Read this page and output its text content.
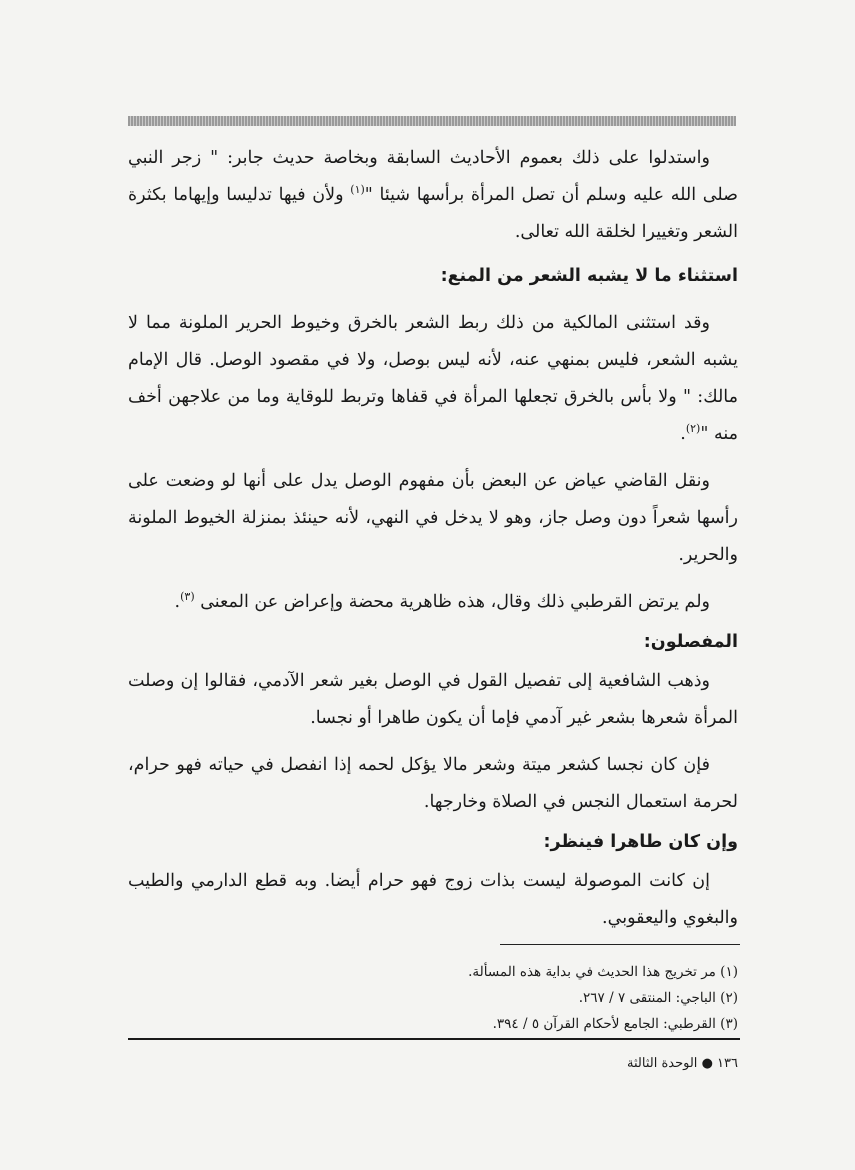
واستدلوا على ذلك بعموم الأحاديث السابقة وبخاصة حديث جابر: " زجر النبي صلى الله عليه وسلم أن تصل المرأة برأسها شيئا "$^{(١)}$ ولأن فيها تدليسا وإيهاما بكثرة الشعر وتغييرا لخلقة الله تعالى.

استثناء ما لا يشبه الشعر من المنع:

وقد استثنى المالكية من ذلك ربط الشعر بالخرق وخيوط الحرير الملونة مما لا يشبه الشعر، فليس بمنهي عنه، لأنه ليس بوصل، ولا في مقصود الوصل. قال الإمام مالك: " ولا بأس بالخرق تجعلها المرأة في قفاها وتربط للوقاية وما من علاجهن أخف منه "$^{(٢)}$.

ونقل القاضي عياض عن البعض بأن مفهوم الوصل يدل على أنها لو وضعت على رأسها شعراً دون وصل جاز، وهو لا يدخل في النهي، لأنه حينئذ بمنزلة الخيوط الملونة والحرير.

ولم يرتض القرطبي ذلك وقال، هذه ظاهرية محضة وإعراض عن المعنى $^{(٣)}$.

المفصلون:

وذهب الشافعية إلى تفصيل القول في الوصل بغير شعر الآدمي، فقالوا إن وصلت المرأة شعرها بشعر غير آدمي فإما أن يكون طاهرا أو نجسا.

فإن كان نجسا كشعر ميتة وشعر مالا يؤكل لحمه إذا انفصل في حياته فهو حرام، لحرمة استعمال النجس في الصلاة وخارجها.

وإن كان طاهرا فينظر:

إن كانت الموصولة ليست بذات زوج فهو حرام أيضا. وبه قطع الدارمي والطيب والبغوي واليعقوبي.

(١) مر تخريج هذا الحديث في بداية هذه المسألة.
(٢) الباجي: المنتقى ٧ / ٢٦٧.
(٣) القرطبي: الجامع لأحكام القرآن ٥ / ٣٩٤.
١٣٦ ● الوحدة الثالثة
